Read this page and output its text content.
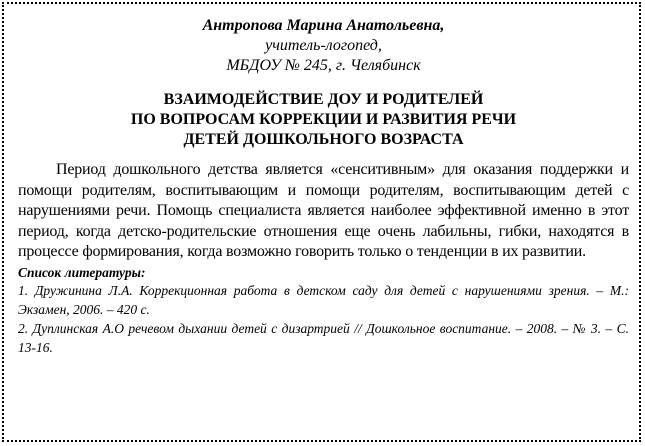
Антропова Марина Анатольевна,

учитель-логопед,

МБДОУ № 245, г. Челябинск

ВЗАИМОДЕЙСТВИЕ ДОУ И РОДИТЕЛЕЙ
ПО ВОПРОСАМ КОРРЕКЦИИ И РАЗВИТИЯ РЕЧИ
ДЕТЕЙ ДОШКОЛЬНОГО ВОЗРАСТА
Период дошкольного детства является «сенситивным» для оказания поддержки и помощи родителям, воспитывающим и помощи родителям, воспитывающим детей с нарушениями речи. Помощь специалиста является наиболее эффективной именно в этот период, когда детско-родительские отношения еще очень лабильны, гибки, находятся в процессе формирования, когда возможно говорить только о тенденции в их развитии.
Список литературы:
1. Дружинина Л.А. Коррекционная работа в детском саду для детей с нарушениями зрения. – М.: Экзамен, 2006. – 420 с.
2. Дуплинская А.О речевом дыхании детей с дизартрией // Дошкольное воспитание. – 2008. – № 3. – С. 13-16.
